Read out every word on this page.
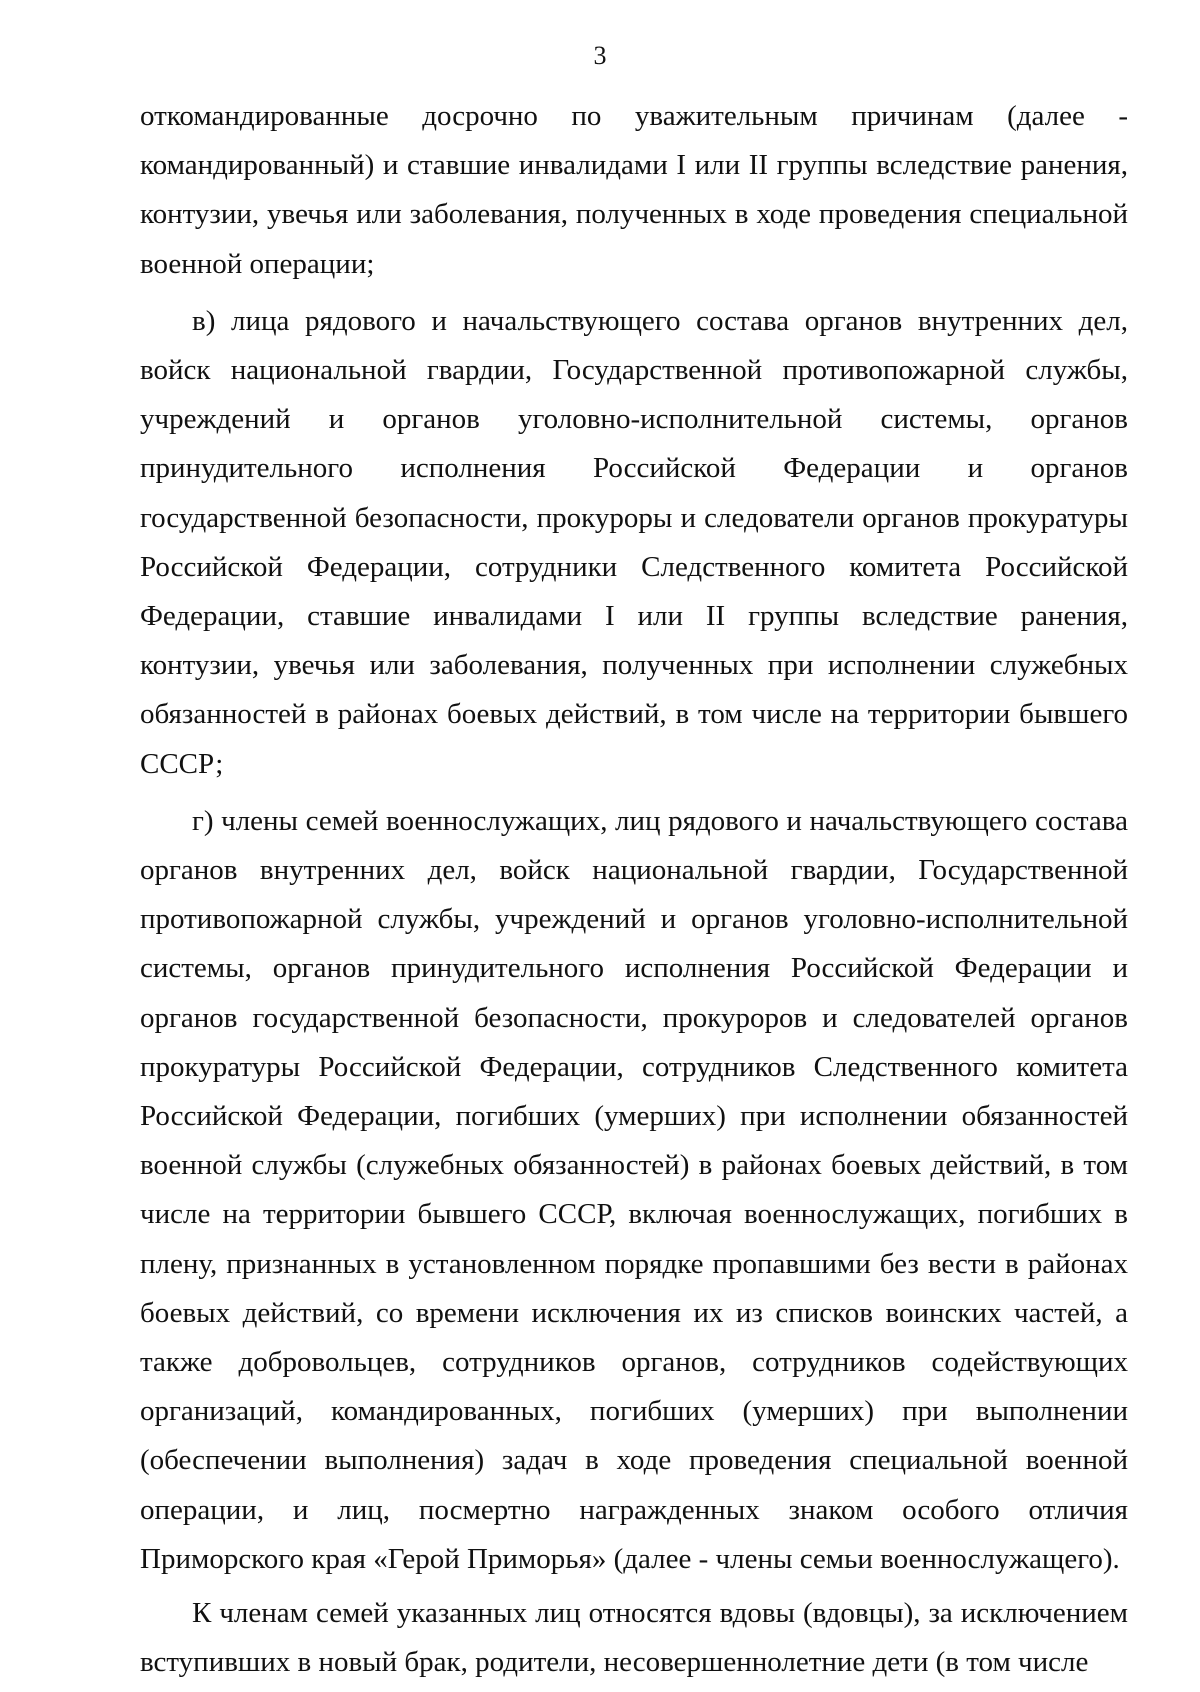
3

откомандированные досрочно по уважительным причинам (далее - командированный) и ставшие инвалидами I или II группы вследствие ранения, контузии, увечья или заболевания, полученных в ходе проведения специальной военной операции;

в) лица рядового и начальствующего состава органов внутренних дел, войск национальной гвардии, Государственной противопожарной службы, учреждений и органов уголовно-исполнительной системы, органов принудительного исполнения Российской Федерации и органов государственной безопасности, прокуроры и следователи органов прокуратуры Российской Федерации, сотрудники Следственного комитета Российской Федерации, ставшие инвалидами I или II группы вследствие ранения, контузии, увечья или заболевания, полученных при исполнении служебных обязанностей в районах боевых действий, в том числе на территории бывшего СССР;

г) члены семей военнослужащих, лиц рядового и начальствующего состава органов внутренних дел, войск национальной гвардии, Государственной противопожарной службы, учреждений и органов уголовно-исполнительной системы, органов принудительного исполнения Российской Федерации и органов государственной безопасности, прокуроров и следователей органов прокуратуры Российской Федерации, сотрудников Следственного комитета Российской Федерации, погибших (умерших) при исполнении обязанностей военной службы (служебных обязанностей) в районах боевых действий, в том числе на территории бывшего СССР, включая военнослужащих, погибших в плену, признанных в установленном порядке пропавшими без вести в районах боевых действий, со времени исключения их из списков воинских частей, а также добровольцев, сотрудников органов, сотрудников содействующих организаций, командированных, погибших (умерших) при выполнении (обеспечении выполнения) задач в ходе проведения специальной военной операции, и лиц, посмертно награжденных знаком особого отличия Приморского края «Герой Приморья» (далее - члены семьи военнослужащего).

К членам семей указанных лиц относятся вдовы (вдовцы), за исключением вступивших в новый брак, родители, несовершеннолетние дети (в том числе
